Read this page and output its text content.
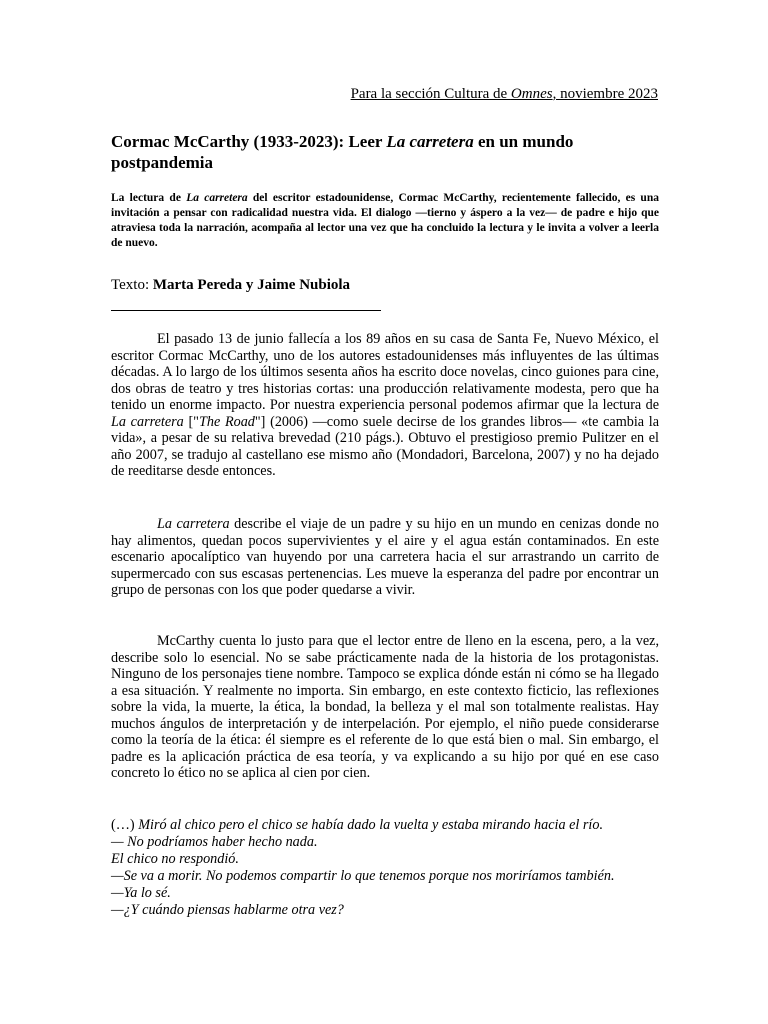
Para la sección Cultura de Omnes, noviembre 2023
Cormac McCarthy (1933-2023): Leer La carretera en un mundo postpandemia

La lectura de La carretera del escritor estadounidense, Cormac McCarthy, recientemente fallecido, es una invitación a pensar con radicalidad nuestra vida. El dialogo —tierno y áspero a la vez— de padre e hijo que atraviesa toda la narración, acompaña al lector una vez que ha concluido la lectura y le invita a volver a leerla de nuevo.

Texto: Marta Pereda y Jaime Nubiola

El pasado 13 de junio fallecía a los 89 años en su casa de Santa Fe, Nuevo México, el escritor Cormac McCarthy, uno de los autores estadounidenses más influyentes de las últimas décadas. A lo largo de los últimos sesenta años ha escrito doce novelas, cinco guiones para cine, dos obras de teatro y tres historias cortas: una producción relativamente modesta, pero que ha tenido un enorme impacto. Por nuestra experiencia personal podemos afirmar que la lectura de La carretera ["The Road"] (2006) —como suele decirse de los grandes libros— «te cambia la vida», a pesar de su relativa brevedad (210 págs.). Obtuvo el prestigioso premio Pulitzer en el año 2007, se tradujo al castellano ese mismo año (Mondadori, Barcelona, 2007) y no ha dejado de reeditarse desde entonces.

La carretera describe el viaje de un padre y su hijo en un mundo en cenizas donde no hay alimentos, quedan pocos supervivientes y el aire y el agua están contaminados. En este escenario apocalíptico van huyendo por una carretera hacia el sur arrastrando un carrito de supermercado con sus escasas pertenencias. Les mueve la esperanza del padre por encontrar un grupo de personas con los que poder quedarse a vivir.

McCarthy cuenta lo justo para que el lector entre de lleno en la escena, pero, a la vez, describe solo lo esencial. No se sabe prácticamente nada de la historia de los protagonistas. Ninguno de los personajes tiene nombre. Tampoco se explica dónde están ni cómo se ha llegado a esa situación. Y realmente no importa. Sin embargo, en este contexto ficticio, las reflexiones sobre la vida, la muerte, la ética, la bondad, la belleza y el mal son totalmente realistas. Hay muchos ángulos de interpretación y de interpelación. Por ejemplo, el niño puede considerarse como la teoría de la ética: él siempre es el referente de lo que está bien o mal. Sin embargo, el padre es la aplicación práctica de esa teoría, y va explicando a su hijo por qué en ese caso concreto lo ético no se aplica al cien por cien.

(…) Miró al chico pero el chico se había dado la vuelta y estaba mirando hacia el río.
— No podríamos haber hecho nada.
El chico no respondió.
—Se va a morir. No podemos compartir lo que tenemos porque nos moriríamos también.
—Ya lo sé.
—¿Y cuándo piensas hablarme otra vez?
